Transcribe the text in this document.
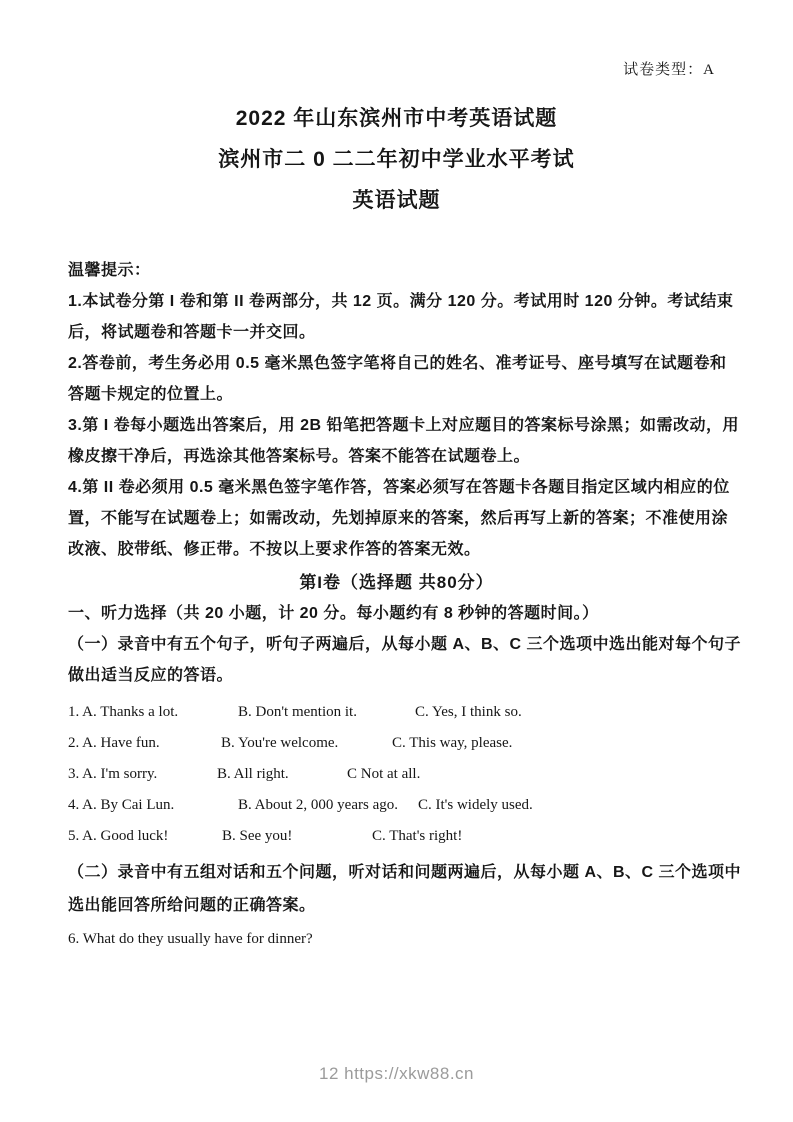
试卷类型：A
2022 年山东滨州市中考英语试题
滨州市二 0 二二年初中学业水平考试
英语试题
温馨提示：
1.本试卷分第 I 卷和第 II 卷两部分，共 12 页。满分 120 分。考试用时 120 分钟。考试结束
后，将试题卷和答题卡一并交回。
2.答卷前，考生务必用 0.5 毫米黑色签字笔将自己的姓名、准考证号、座号填写在试题卷和
答题卡规定的位置上。
3.第 I 卷每小题选出答案后，用 2B 铅笔把答题卡上对应题目的答案标号涂黑；如需改动，用
橡皮擦干净后，再选涂其他答案标号。答案不能答在试题卷上。
4.第 II 卷必须用 0.5 毫米黑色签字笔作答，答案必须写在答题卡各题目指定区域内相应的位
置，不能写在试题卷上；如需改动，先划掉原来的答案，然后再写上新的答案；不准使用涂
改液、胶带纸、修正带。不按以上要求作答的答案无效。
第I卷（选择题 共80分）
一、听力选择（共 20 小题，计 20 分。每小题约有 8 秒钟的答题时间。）
（一）录音中有五个句子，听句子两遍后，从每小题 A、B、C 三个选项中选出能对每个句子
做出适当反应的答语。
1. A. Thanks a lot.	B. Don't mention it.	C. Yes, I think so.
2. A. Have fun.	B. You're welcome.	C. This way, please.
3. A. I'm sorry.	B. All right.	C Not at all.
4. A. By Cai Lun.	B. About 2, 000 years ago.	C. It's widely used.
5. A. Good luck!	B. See you!	C. That's right!
（二）录音中有五组对话和五个问题，听对话和问题两遍后，从每小题 A、B、C 三个选项中
选出能回答所给问题的正确答案。
6. What do they usually have for dinner?
12 https://xkw88.cn
